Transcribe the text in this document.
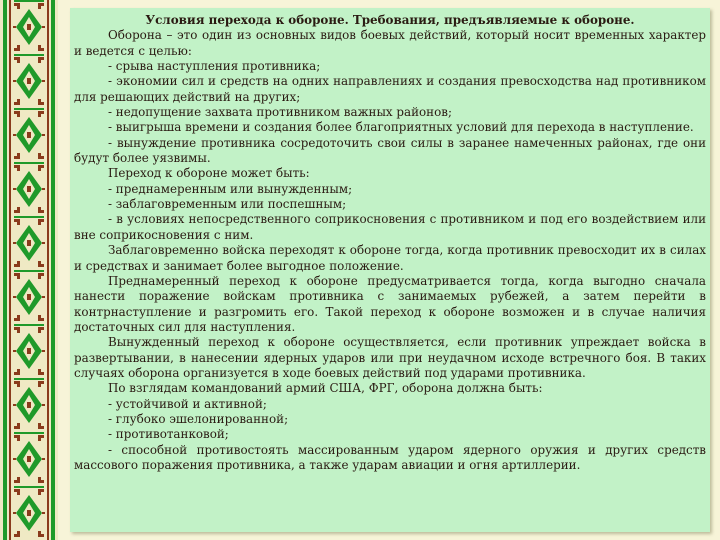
Условия перехода к обороне. Требования, предъявляемые к обороне.

Оборона – это один из основных видов боевых действий, который носит временных характер и ведется с целью:

- срыва наступления противника;

- экономии сил и средств на одних направлениях и создания превосходства над противником для решающих действий на других;

- недопущение захвата противником важных районов;

- выигрыша времени и создания более благоприятных условий для перехода в наступление.

- вынуждение противника сосредоточить свои силы в заранее намеченных районах, где они будут более уязвимы.

Переход к обороне может быть:

- преднамеренным или вынужденным;

- заблаговременным или поспешным;

- в условиях непосредственного соприкосновения с противником и под его воздействием или вне соприкосновения с ним.

Заблаговременно войска переходят к обороне тогда, когда противник превосходит их в силах и средствах и занимает более выгодное положение.

Преднамеренный переход к обороне предусматривается тогда, когда выгодно сначала нанести поражение войскам противника с занимаемых рубежей, а затем перейти в контрнаступление и разгромить его. Такой переход к обороне возможен и в случае наличия достаточных сил для наступления.

Вынужденный переход к обороне осуществляется, если противник упреждает войска в развертывании, в нанесении ядерных ударов или при неудачном исходе встречного боя. В таких случаях оборона организуется в ходе боевых действий под ударами противника.

По взглядам командований армий США, ФРГ, оборона должна быть:

- устойчивой и активной;

- глубоко эшелонированной;

- противотанковой;

- способной противостоять массированным ударом ядерного оружия и других средств массового поражения противника, а также ударам авиации и огня артиллерии.
